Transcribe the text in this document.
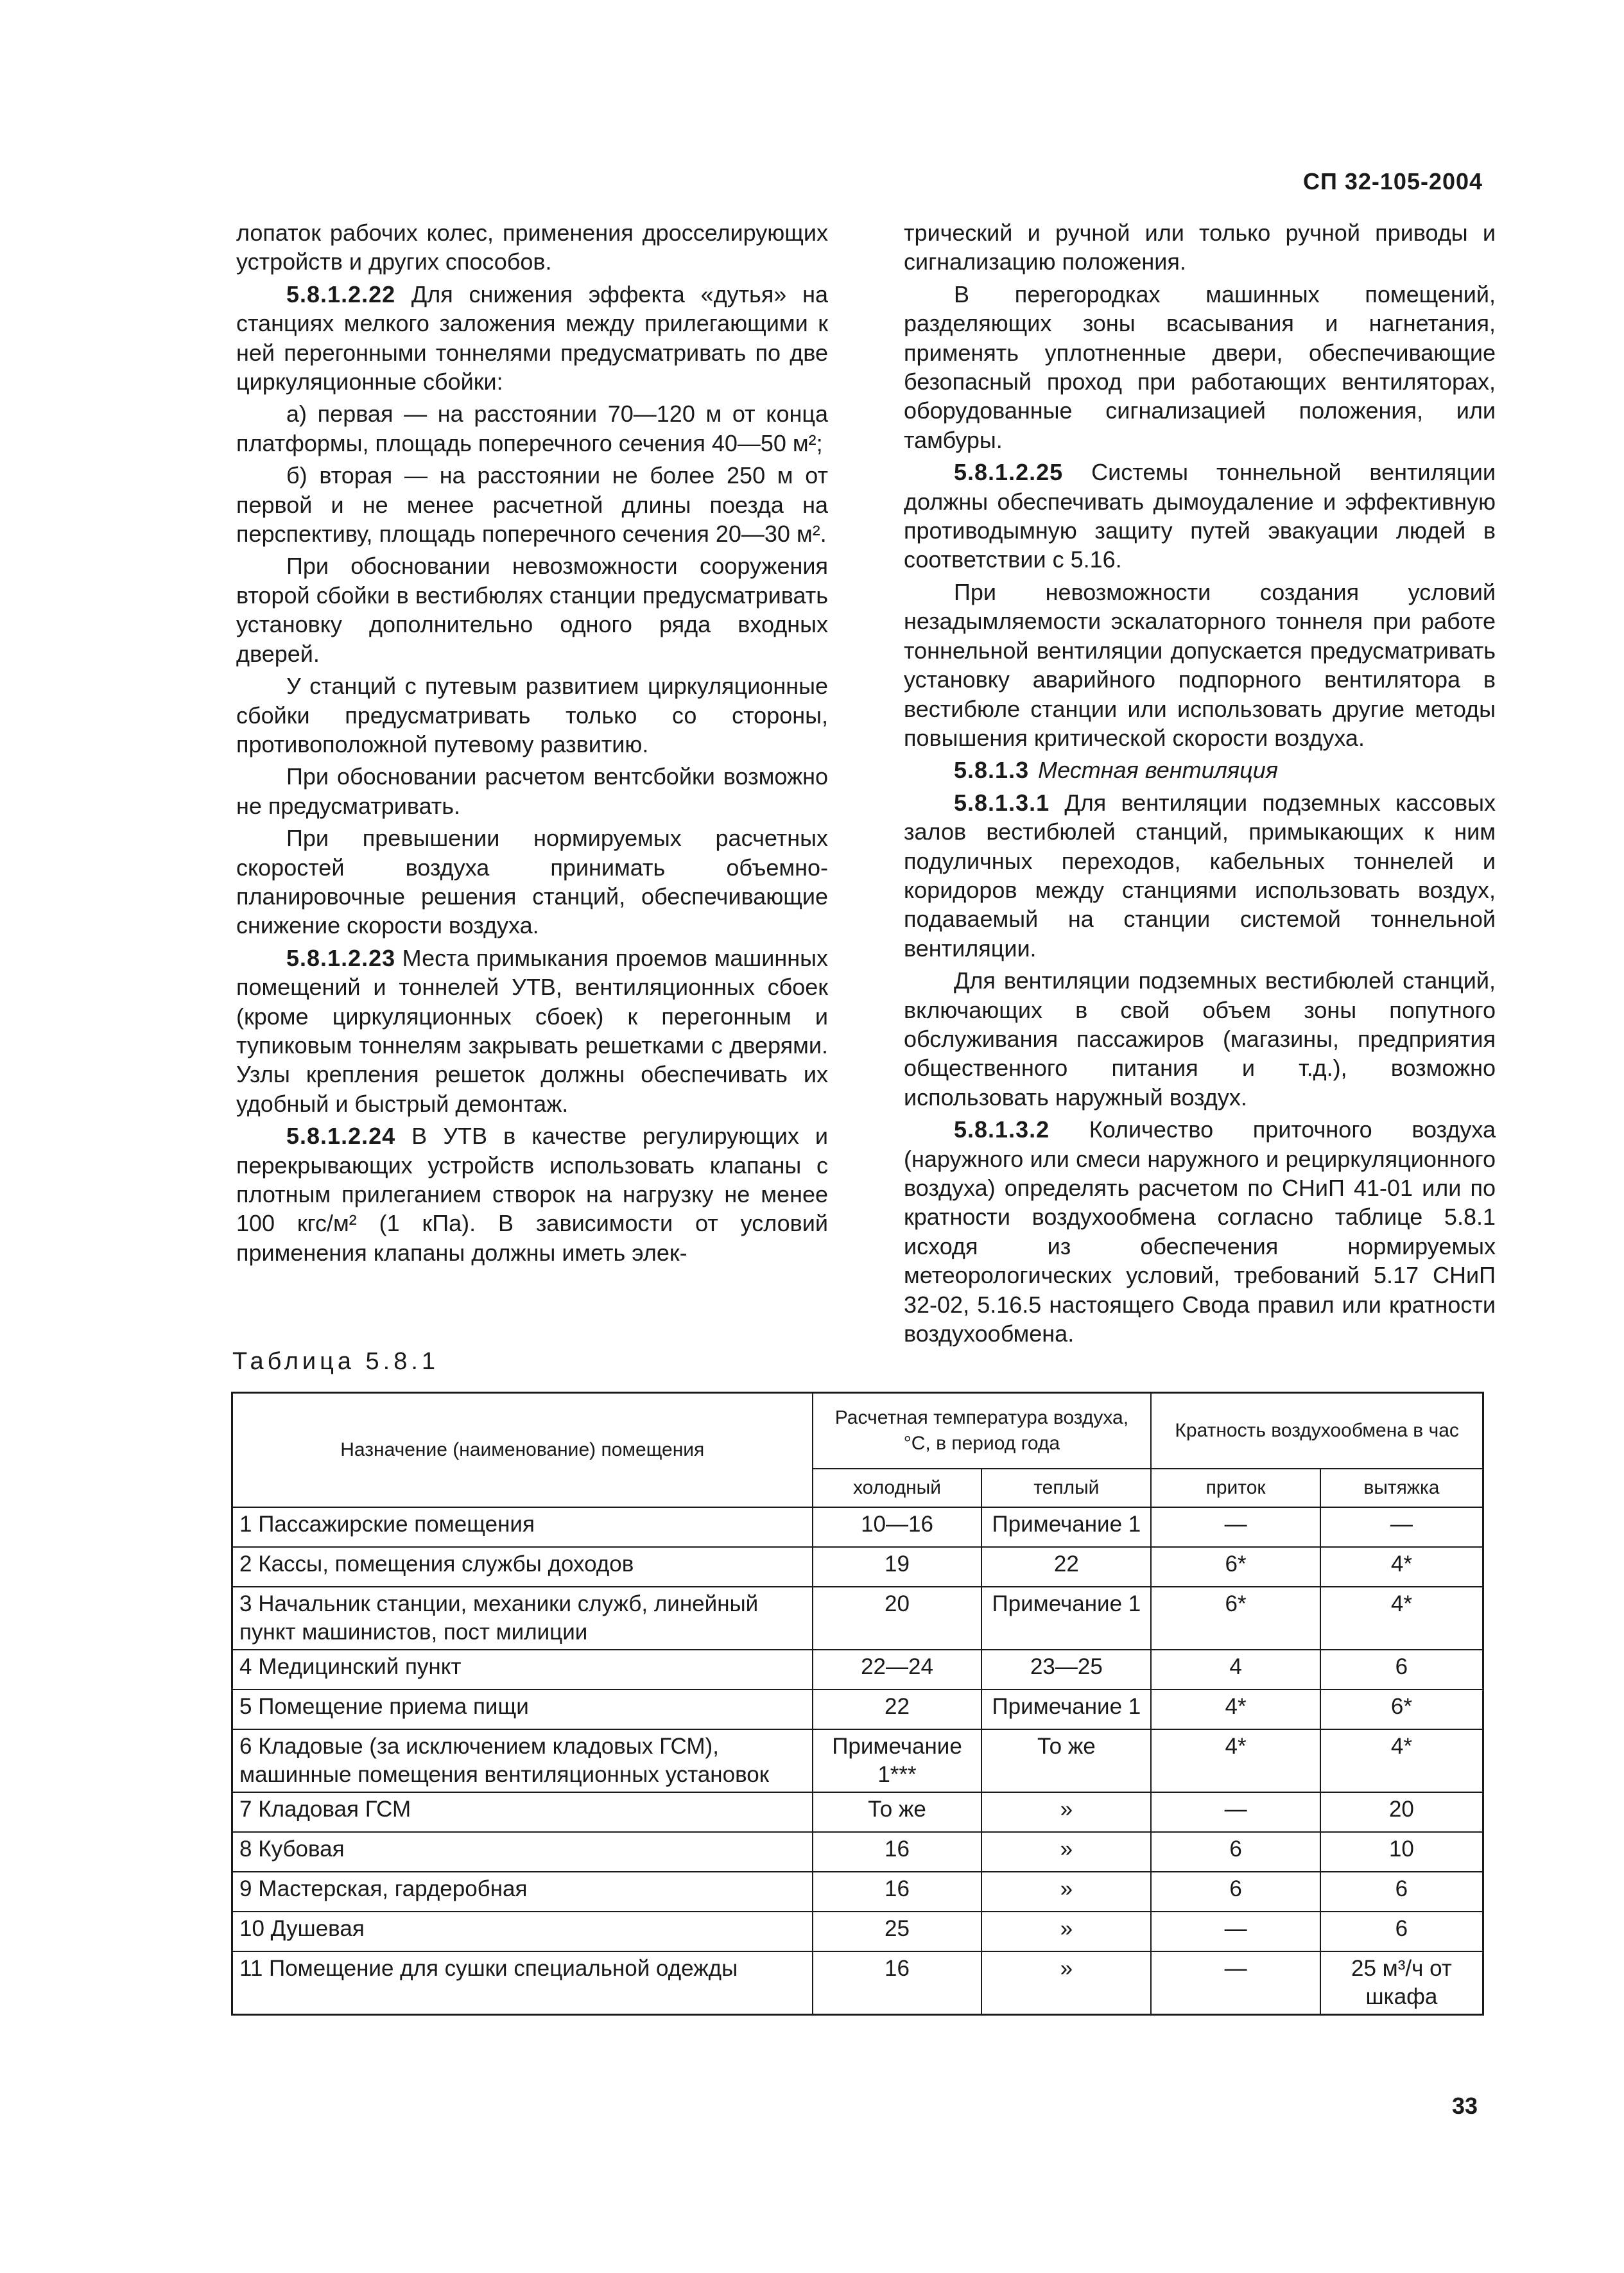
СП 32-105-2004

лопаток рабочих колес, применения дросселирующих устройств и других способов.

5.8.1.2.22 Для снижения эффекта «дутья» на станциях мелкого заложения между прилегающими к ней перегонными тоннелями предусматривать по две циркуляционные сбойки:

а) первая — на расстоянии 70—120 м от конца платформы, площадь поперечного сечения 40—50 м²;

б) вторая — на расстоянии не более 250 м от первой и не менее расчетной длины поезда на перспективу, площадь поперечного сечения 20—30 м².

При обосновании невозможности сооружения второй сбойки в вестибюлях станции предусматривать установку дополнительно одного ряда входных дверей.

У станций с путевым развитием циркуляционные сбойки предусматривать только со стороны, противоположной путевому развитию.

При обосновании расчетом вентсбойки возможно не предусматривать.

При превышении нормируемых расчетных скоростей воздуха принимать объемно-планировочные решения станций, обеспечивающие снижение скорости воздуха.

5.8.1.2.23 Места примыкания проемов машинных помещений и тоннелей УТВ, вентиляционных сбоек (кроме циркуляционных сбоек) к перегонным и тупиковым тоннелям закрывать решетками с дверями. Узлы крепления решеток должны обеспечивать их удобный и быстрый демонтаж.

5.8.1.2.24 В УТВ в качестве регулирующих и перекрывающих устройств использовать клапаны с плотным прилеганием створок на нагрузку не менее 100 кгс/м² (1 кПа). В зависимости от условий применения клапаны должны иметь элек-

трический и ручной или только ручной приводы и сигнализацию положения.

В перегородках машинных помещений, разделяющих зоны всасывания и нагнетания, применять уплотненные двери, обеспечивающие безопасный проход при работающих вентиляторах, оборудованные сигнализацией положения, или тамбуры.

5.8.1.2.25 Системы тоннельной вентиляции должны обеспечивать дымоудаление и эффективную противодымную защиту путей эвакуации людей в соответствии с 5.16.

При невозможности создания условий незадымляемости эскалаторного тоннеля при работе тоннельной вентиляции допускается предусматривать установку аварийного подпорного вентилятора в вестибюле станции или использовать другие методы повышения критической скорости воздуха.

5.8.1.3 Местная вентиляция

5.8.1.3.1 Для вентиляции подземных кассовых залов вестибюлей станций, примыкающих к ним подуличных переходов, кабельных тоннелей и коридоров между станциями использовать воздух, подаваемый на станции системой тоннельной вентиляции.

Для вентиляции подземных вестибюлей станций, включающих в свой объем зоны попутного обслуживания пассажиров (магазины, предприятия общественного питания и т.д.), возможно использовать наружный воздух.

5.8.1.3.2 Количество приточного воздуха (наружного или смеси наружного и рециркуляционного воздуха) определять расчетом по СНиП 41-01 или по кратности воздухообмена согласно таблице 5.8.1 исходя из обеспечения нормируемых метеорологических условий, требований 5.17 СНиП 32-02, 5.16.5 настоящего Свода правил или кратности воздухообмена.

Таблица 5.8.1
Назначение (наименование) помещения	Расчетная температура воздуха, °С, в период года		Кратность воздухообмена в час	
	холодный	теплый	приток	вытяжка
1 Пассажирские помещения	10—16	Примечание 1	—	—
2 Кассы, помещения службы доходов	19	22	6*	4*
3 Начальник станции, механики служб, линейный пункт машинистов, пост милиции	20	Примечание 1	6*	4*
4 Медицинский пункт	22—24	23—25	4	6
5 Помещение приема пищи	22	Примечание 1	4*	6*
6 Кладовые (за исключением кладовых ГСМ), машинные помещения вентиляционных установок	Примечание 1***	То же	4*	4*
7 Кладовая ГСМ	То же	»	—	20
8 Кубовая	16	»	6	10
9 Мастерская, гардеробная	16	»	6	6
10 Душевая	25	»	—	6
11 Помещение для сушки специальной одежды	16	»	—	25 м³/ч от шкафа
33
